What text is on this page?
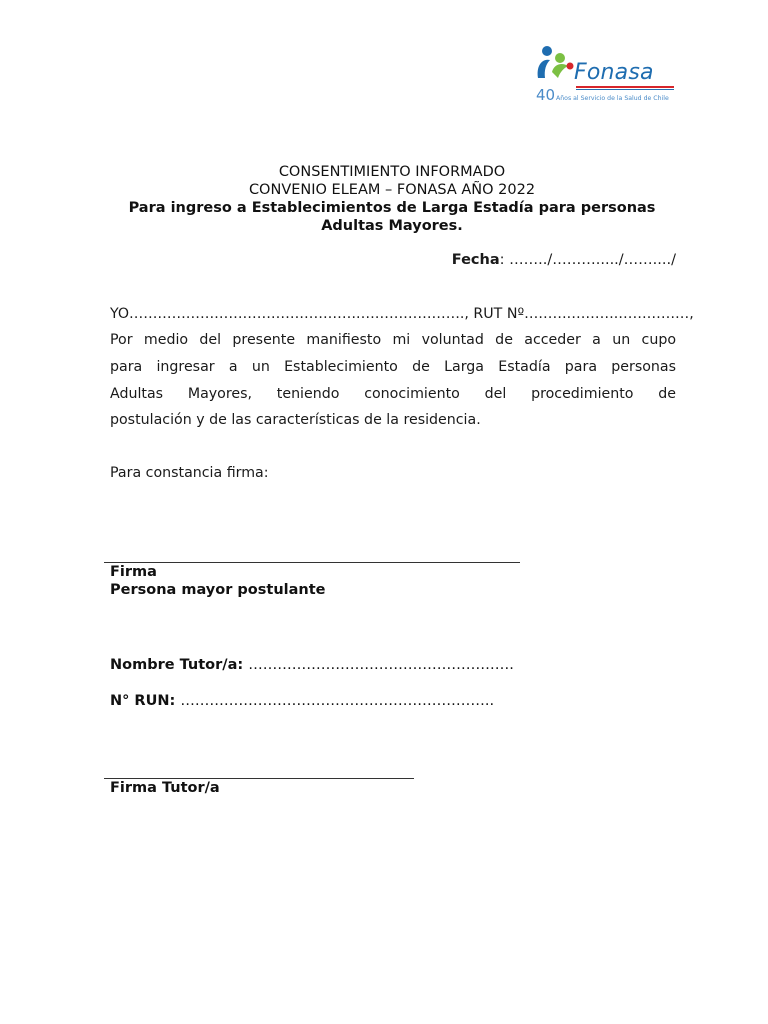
Fonasa
40 Años al Servicio de la Salud de Chile
CONSENTIMIENTO INFORMADO
CONVENIO ELEAM – FONASA AÑO 2022
Para ingreso a Establecimientos de Larga Estadía para personas
Adultas Mayores.
Fecha: ……../………...../……..../
YO………………………………………….…………………., RUT Nº……….……….……………,
Por medio del presente manifiesto mi voluntad de acceder a un cupo
para ingresar a un Establecimiento de Larga Estadía para personas
Adultas Mayores, teniendo conocimiento del procedimiento de
postulación y de las características de la residencia.
Para constancia firma:
Firma
Persona mayor postulante
Nombre Tutor/a: ……………………………………………….
N° RUN: ………………………………………………………..
Firma Tutor/a
